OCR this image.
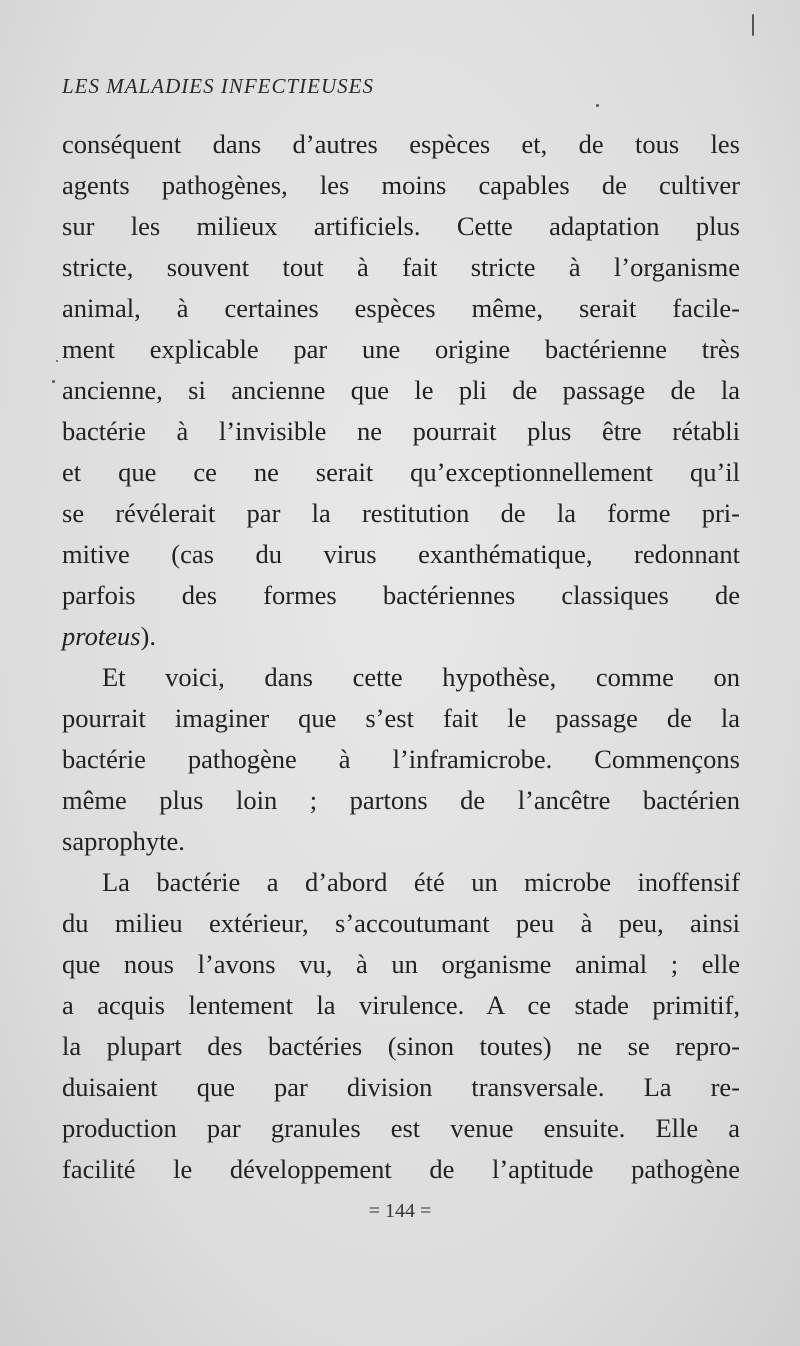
LES MALADIES INFECTIEUSES
conséquent dans d’autres espèces et, de tous les
agents pathogènes, les moins capables de cultiver
sur les milieux artificiels. Cette adaptation plus
stricte, souvent tout à fait stricte à l’organisme
animal, à certaines espèces même, serait facile-
ment explicable par une origine bactérienne très
ancienne, si ancienne que le pli de passage de la
bactérie à l’invisible ne pourrait plus être rétabli
et que ce ne serait qu’exceptionnellement qu’il
se révélerait par la restitution de la forme pri-
mitive (cas du virus exanthématique, redonnant
parfois des formes bactériennes classiques de
proteus).
Et voici, dans cette hypothèse, comme on
pourrait imaginer que s’est fait le passage de la
bactérie pathogène à l’inframicrobe. Commençons
même plus loin ; partons de l’ancêtre bactérien
saprophyte.
La bactérie a d’abord été un microbe inoffensif
du milieu extérieur, s’accoutumant peu à peu, ainsi
que nous l’avons vu, à un organisme animal ; elle
a acquis lentement la virulence. A ce stade primitif,
la plupart des bactéries (sinon toutes) ne se repro-
duisaient que par division transversale. La re-
production par granules est venue ensuite. Elle a
facilité le développement de l’aptitude pathogène
= 144 =
